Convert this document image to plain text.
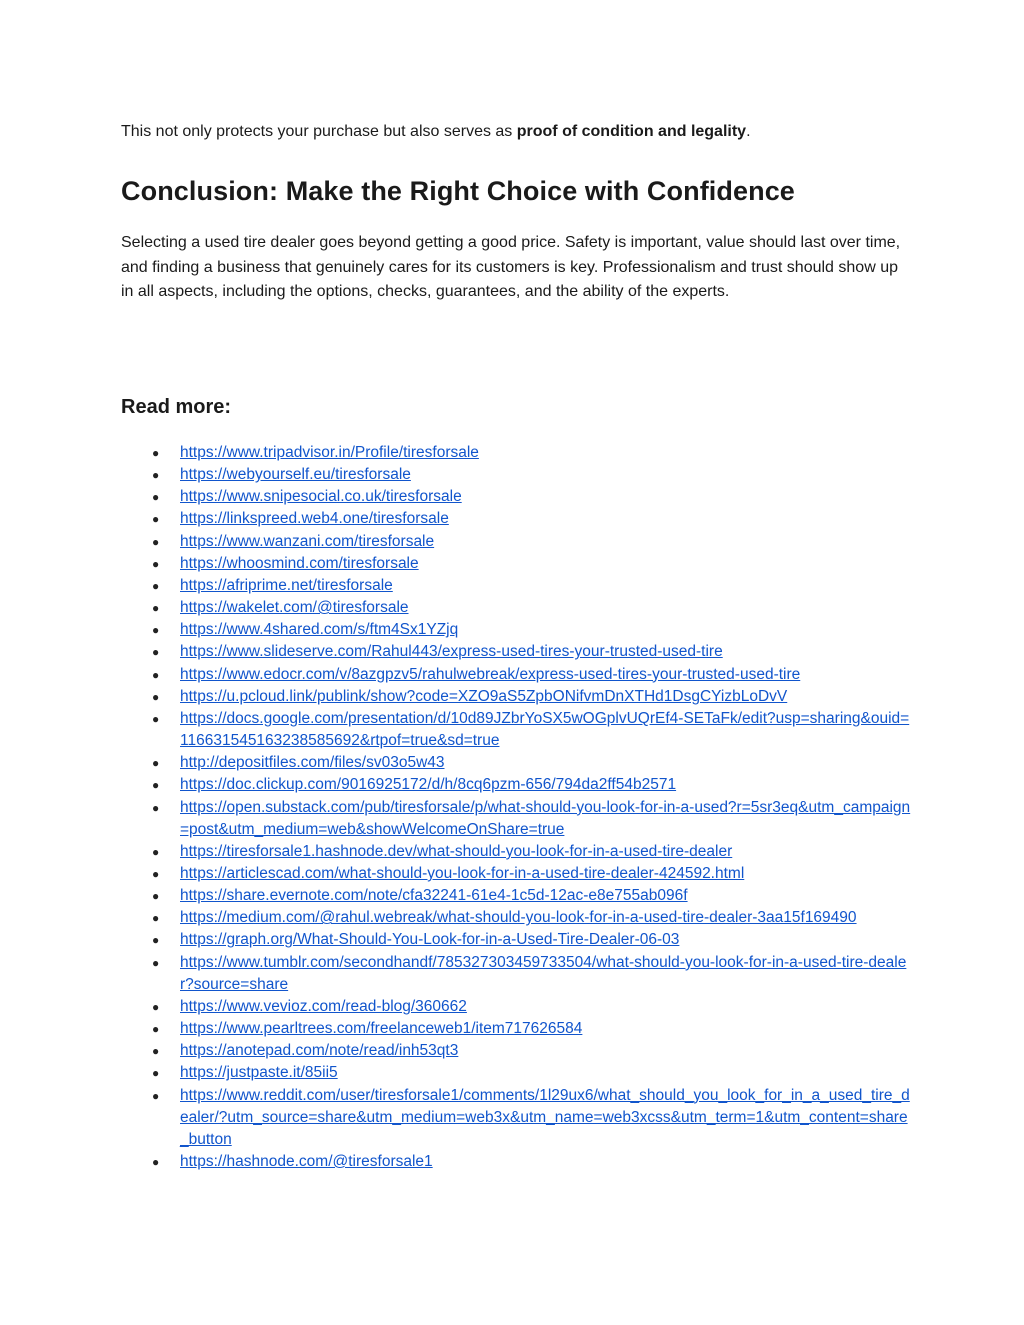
This not only protects your purchase but also serves as proof of condition and legality.

Conclusion: Make the Right Choice with Confidence

Selecting a used tire dealer goes beyond getting a good price. Safety is important, value should last over time, and finding a business that genuinely cares for its customers is key. Professionalism and trust should show up in all aspects, including the options, checks, guarantees, and the ability of the experts.

Read more:
● https://www.tripadvisor.in/Profile/tiresforsale
● https://webyourself.eu/tiresforsale
● https://www.snipesocial.co.uk/tiresforsale
● https://linkspreed.web4.one/tiresforsale
● https://www.wanzani.com/tiresforsale
● https://whoosmind.com/tiresforsale
● https://afriprime.net/tiresforsale
● https://wakelet.com/@tiresforsale
● https://www.4shared.com/s/ftm4Sx1YZjq
● https://www.slideserve.com/Rahul443/express-used-tires-your-trusted-used-tire
● https://www.edocr.com/v/8azgpzv5/rahulwebreak/express-used-tires-your-trusted-used-tire
● https://u.pcloud.link/publink/show?code=XZO9aS5ZpbONifvmDnXTHd1DsgCYizbLoDvV
● https://docs.google.com/presentation/d/10d89JZbrYoSX5wOGplvUQrEf4-SETaFk/edit?usp=sharing&ouid=116631545163238585692&rtpof=true&sd=true
● http://depositfiles.com/files/sv03o5w43
● https://doc.clickup.com/9016925172/d/h/8cq6pzm-656/794da2ff54b2571
● https://open.substack.com/pub/tiresforsale/p/what-should-you-look-for-in-a-used?r=5sr3eq&utm_campaign=post&utm_medium=web&showWelcomeOnShare=true
● https://tiresforsale1.hashnode.dev/what-should-you-look-for-in-a-used-tire-dealer
● https://articlescad.com/what-should-you-look-for-in-a-used-tire-dealer-424592.html
● https://share.evernote.com/note/cfa32241-61e4-1c5d-12ac-e8e755ab096f
● https://medium.com/@rahul.webreak/what-should-you-look-for-in-a-used-tire-dealer-3aa15f169490
● https://graph.org/What-Should-You-Look-for-in-a-Used-Tire-Dealer-06-03
● https://www.tumblr.com/secondhandf/785327303459733504/what-should-you-look-for-in-a-used-tire-dealer?source=share
● https://www.vevioz.com/read-blog/360662
● https://www.pearltrees.com/freelanceweb1/item717626584
● https://anotepad.com/note/read/inh53qt3
● https://justpaste.it/85ii5
● https://www.reddit.com/user/tiresforsale1/comments/1l29ux6/what_should_you_look_for_in_a_used_tire_dealer/?utm_source=share&utm_medium=web3x&utm_name=web3xcss&utm_term=1&utm_content=share_button
● https://hashnode.com/@tiresforsale1
